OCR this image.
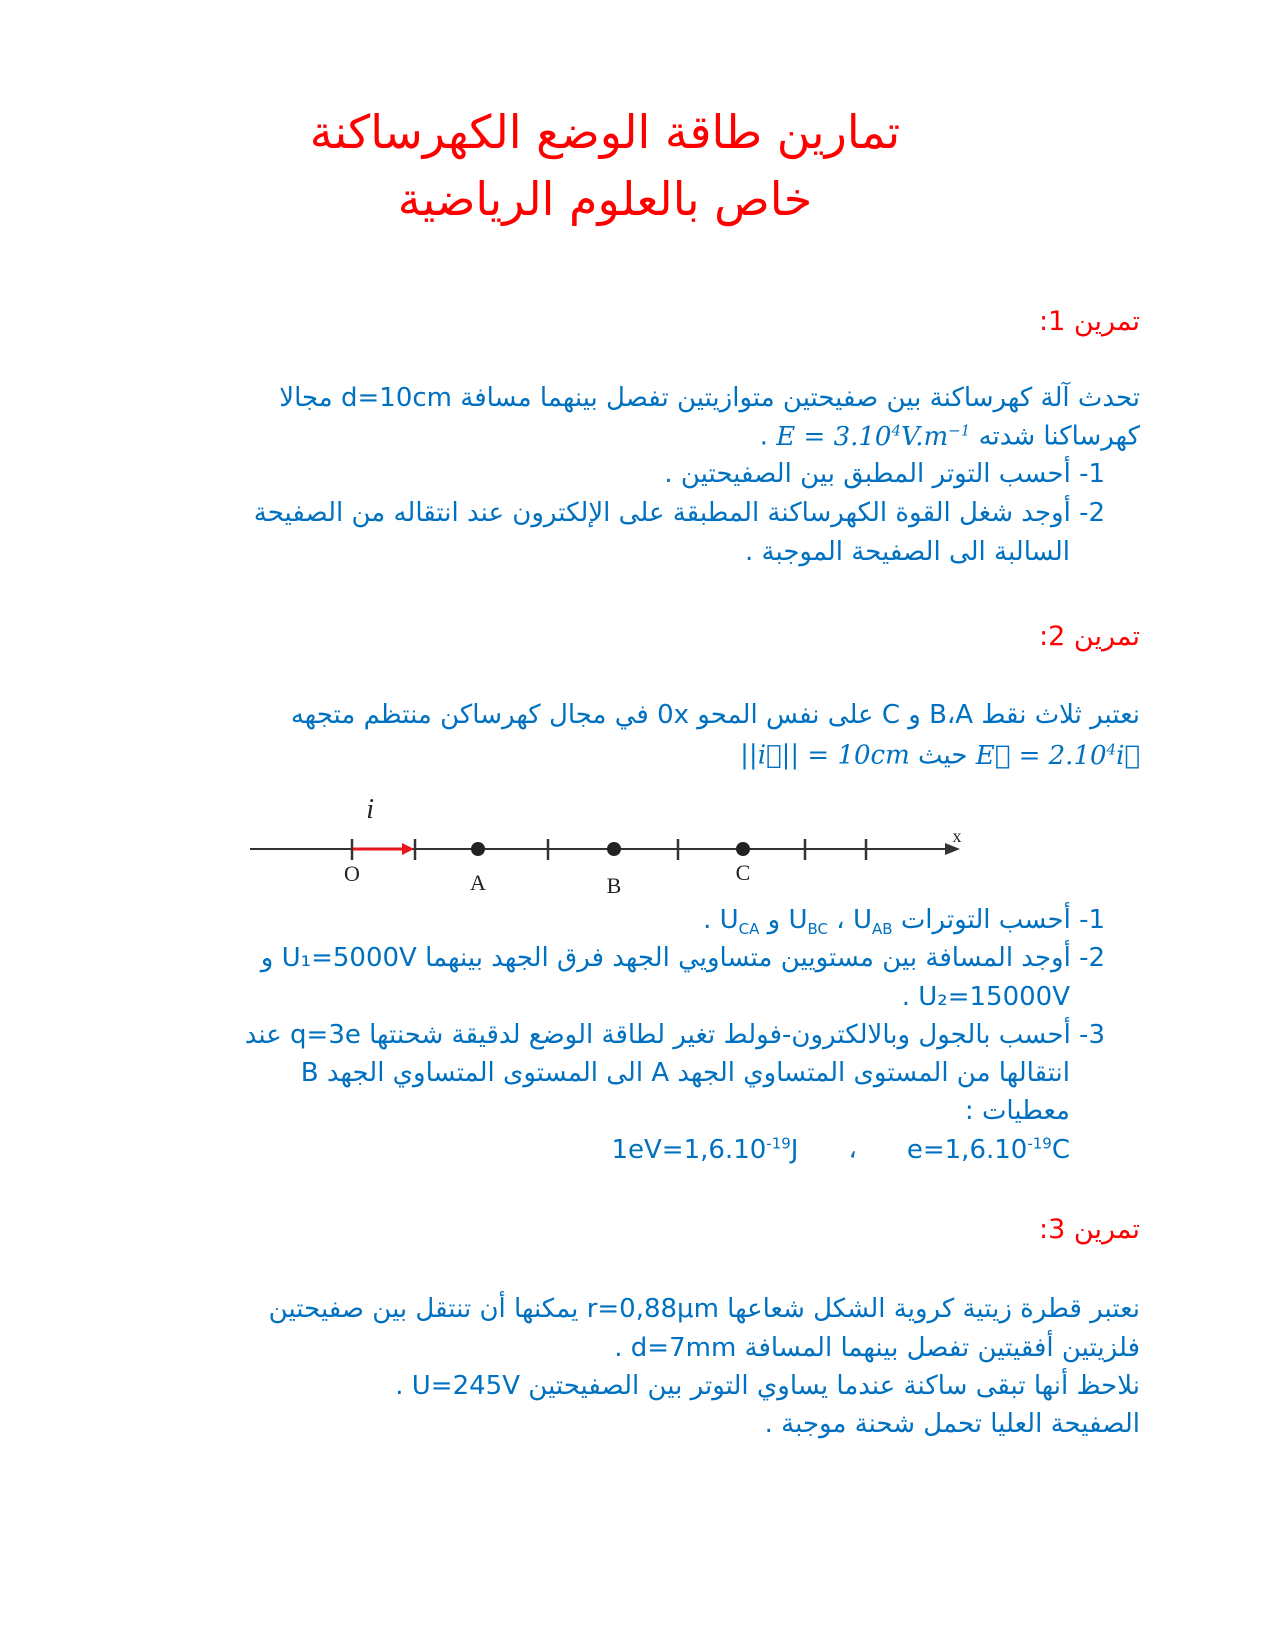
تمارين طاقة الوضع الكهرساكنة
خاص بالعلوم الرياضية
تمرين 1:
تحدث آلة كهرساكنة بين صفيحتين متوازيتين تفصل بينهما مسافة d=10cm مجالا
كهرساكنا شدته $E = 3.10^4V.m^{-1}$ .
1- أحسب التوتر المطبق بين الصفيحتين .
2- أوجد شغل القوة الكهرساكنة المطبقة على الإلكترون عند انتقاله من الصفيحة
السالبة الى الصفيحة الموجبة .
تمرين 2:
نعتبر ثلاث نقط B،A و C على نفس المحو 0x في مجال كهرساكن منتظم متجهه
E⃗ = $2.10^4i⃗$ حيث ||i⃗|| = 10cm
O	A	B
C
x
i⃗
1- أحسب التوترات $U_{AB}$ ، $U_{BC}$ و $U_{CA}$ .
2- أوجد المسافة بين مستويين متساويي الجهد فرق الجهد بينهما U₁=5000V و
U₂=15000V .
3- أحسب بالجول وبالالكترون-فولط تغير لطاقة الوضع لدقيقة شحنتها q=3e عند
انتقالها من المستوى المتساوي الجهد A الى المستوى المتساوي الجهد B
معطيات :
$e=1,6.10^{-19}C،1eV=1,6.10^{-19}J$
تمرين 3:
نعتبر قطرة زيتية كروية الشكل شعاعها r=0,88μm يمكنها أن تنتقل بين صفيحتين
فلزيتين أفقيتين تفصل بينهما المسافة d=7mm .
نلاحظ أنها تبقى ساكنة عندما يساوي التوتر بين الصفيحتين U=245V .
الصفيحة العليا تحمل شحنة موجبة .
